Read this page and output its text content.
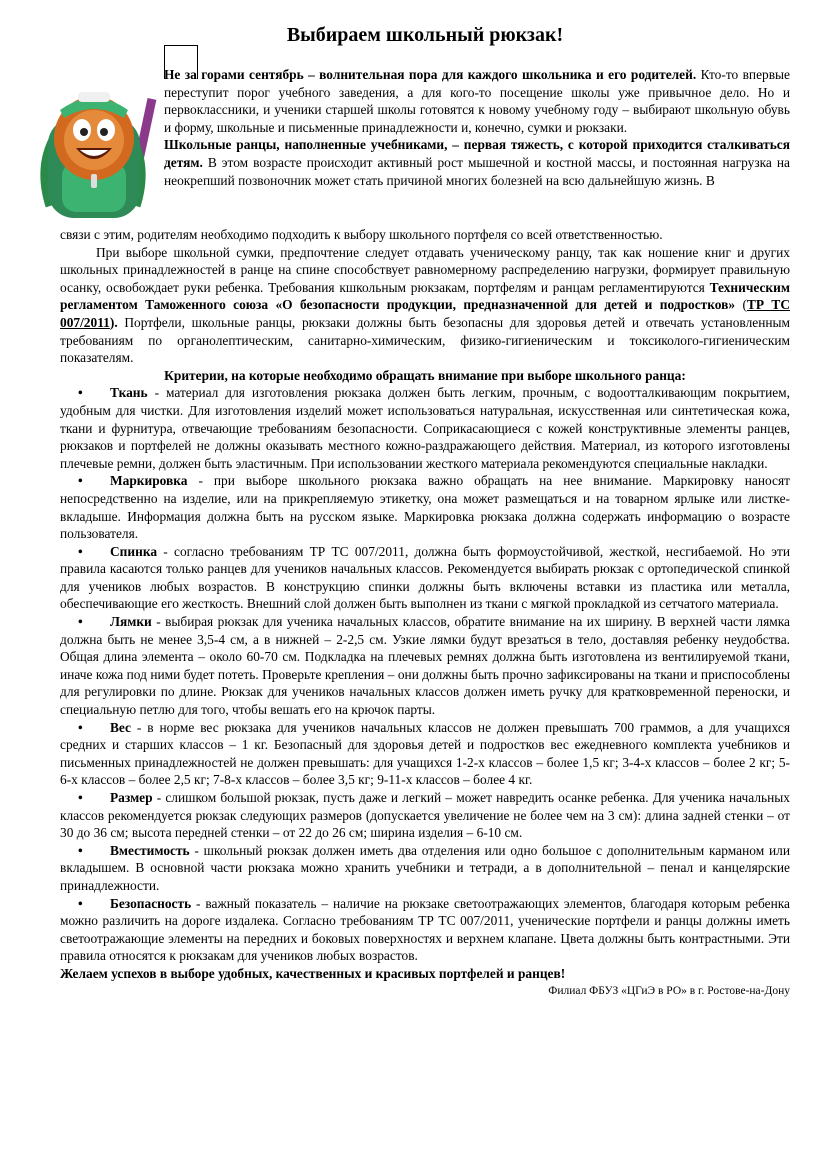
Выбираем школьный рюкзак!

Не за горами сентябрь – волнительная пора для каждого школьника и его родителей. Кто-то впервые переступит порог учебного заведения, а для кого-то посещение школы уже привычное дело. Но и первоклассники, и ученики старшей школы готовятся к новому учебному году – выбирают школьную обувь и форму, школьные и письменные принадлежности и, конечно, сумки и рюкзаки.

Школьные ранцы, наполненные учебниками, – первая тяжесть, с которой приходится сталкиваться детям. В этом возрасте происходит активный рост мышечной и костной массы, и постоянная нагрузка на неокрепший позвоночник может стать причиной многих болезней на всю дальнейшую жизнь. В

связи с этим, родителям необходимо подходить к выбору школьного портфеля со всей ответственностью.

При выборе школьной сумки, предпочтение следует отдавать ученическому ранцу, так как ношение книг и других школьных принадлежностей в ранце на спине способствует равномерному распределению нагрузки, формирует правильную осанку, освобождает руки ребенка. Требования кшкольным рюкзакам, портфелям и ранцам регламентируются Техническим регламентом Таможенного союза «О безопасности продукции, предназначенной для детей и подростков» (ТР ТС 007/2011). Портфели, школьные ранцы, рюкзаки должны быть безопасны для здоровья детей и отвечать установленным требованиям по органолептическим, санитарно-химическим, физико-гигиеническим и токсиколого-гигиеническим показателям.

Критерии, на которые необходимо обращать внимание при выборе школьного ранца:

• Ткань - материал для изготовления рюкзака должен быть легким, прочным, с водоотталкивающим покрытием, удобным для чистки. Для изготовления изделий может использоваться натуральная, искусственная или синтетическая кожа, ткани и фурнитура, отвечающие требованиям безопасности. Соприкасающиеся с кожей конструктивные элементы ранцев, рюкзаков и портфелей не должны оказывать местного кожно-раздражающего действия. Материал, из которого изготовлены плечевые ремни, должен быть эластичным. При использовании жесткого материала рекомендуются специальные накладки.

• Маркировка - при выборе школьного рюкзака важно обращать на нее внимание. Маркировку наносят непосредственно на изделие, или на прикрепляемую этикетку, она может размещаться и на товарном ярлыке или листке-вкладыше. Информация должна быть на русском языке. Маркировка рюкзака должна содержать информацию о возрасте пользователя.

• Спинка - согласно требованиям ТР ТС 007/2011, должна быть формоустойчивой, жесткой, несгибаемой. Но эти правила касаются только ранцев для учеников начальных классов. Рекомендуется выбирать рюкзак с ортопедической спинкой для учеников любых возрастов. В конструкцию спинки должны быть включены вставки из пластика или металла, обеспечивающие его жесткость. Внешний слой должен быть выполнен из ткани с мягкой прокладкой из сетчатого материала.

• Лямки - выбирая рюкзак для ученика начальных классов, обратите внимание на их ширину. В верхней части лямка должна быть не менее 3,5-4 см, а в нижней – 2-2,5 см. Узкие лямки будут врезаться в тело, доставляя ребенку неудобства. Общая длина элемента – около 60-70 см. Подкладка на плечевых ремнях должна быть изготовлена из вентилируемой ткани, иначе кожа под ними будет потеть. Проверьте крепления – они должны быть прочно зафиксированы на ткани и приспособлены для регулировки по длине. Рюкзак для учеников начальных классов должен иметь ручку для кратковременной переноски, и специальную петлю для того, чтобы вешать его на крючок парты.

• Вес - в норме вес рюкзака для учеников начальных классов не должен превышать 700 граммов, а для учащихся средних и старших классов – 1 кг. Безопасный для здоровья детей и подростков вес ежедневного комплекта учебников и письменных принадлежностей не должен превышать: для учащихся 1-2-х классов – более 1,5 кг; 3-4-х классов – более 2 кг; 5-6-х классов – более 2,5 кг; 7-8-х классов – более 3,5 кг; 9-11-х классов – более 4 кг.

• Размер - слишком большой рюкзак, пусть даже и легкий – может навредить осанке ребенка. Для ученика начальных классов рекомендуется рюкзак следующих размеров (допускается увеличение не более чем на 3 см): длина задней стенки – от 30 до 36 см; высота передней стенки – от 22 до 26 см; ширина изделия – 6-10 см.

• Вместимость - школьный рюкзак должен иметь два отделения или одно большое с дополнительным карманом или вкладышем. В основной части рюкзака можно хранить учебники и тетради, а в дополнительной – пенал и канцелярские принадлежности.

• Безопасность - важный показатель – наличие на рюкзаке светоотражающих элементов, благодаря которым ребенка можно различить на дороге издалека. Согласно требованиям ТР ТС 007/2011, ученические портфели и ранцы должны иметь светоотражающие элементы на передних и боковых поверхностях и верхнем клапане. Цвета должны быть контрастными. Эти правила относятся к рюкзакам для учеников любых возрастов.

Желаем успехов в выборе удобных, качественных и красивых портфелей и ранцев!

Филиал ФБУЗ «ЦГиЭ в РО» в г. Ростове-на-Дону
